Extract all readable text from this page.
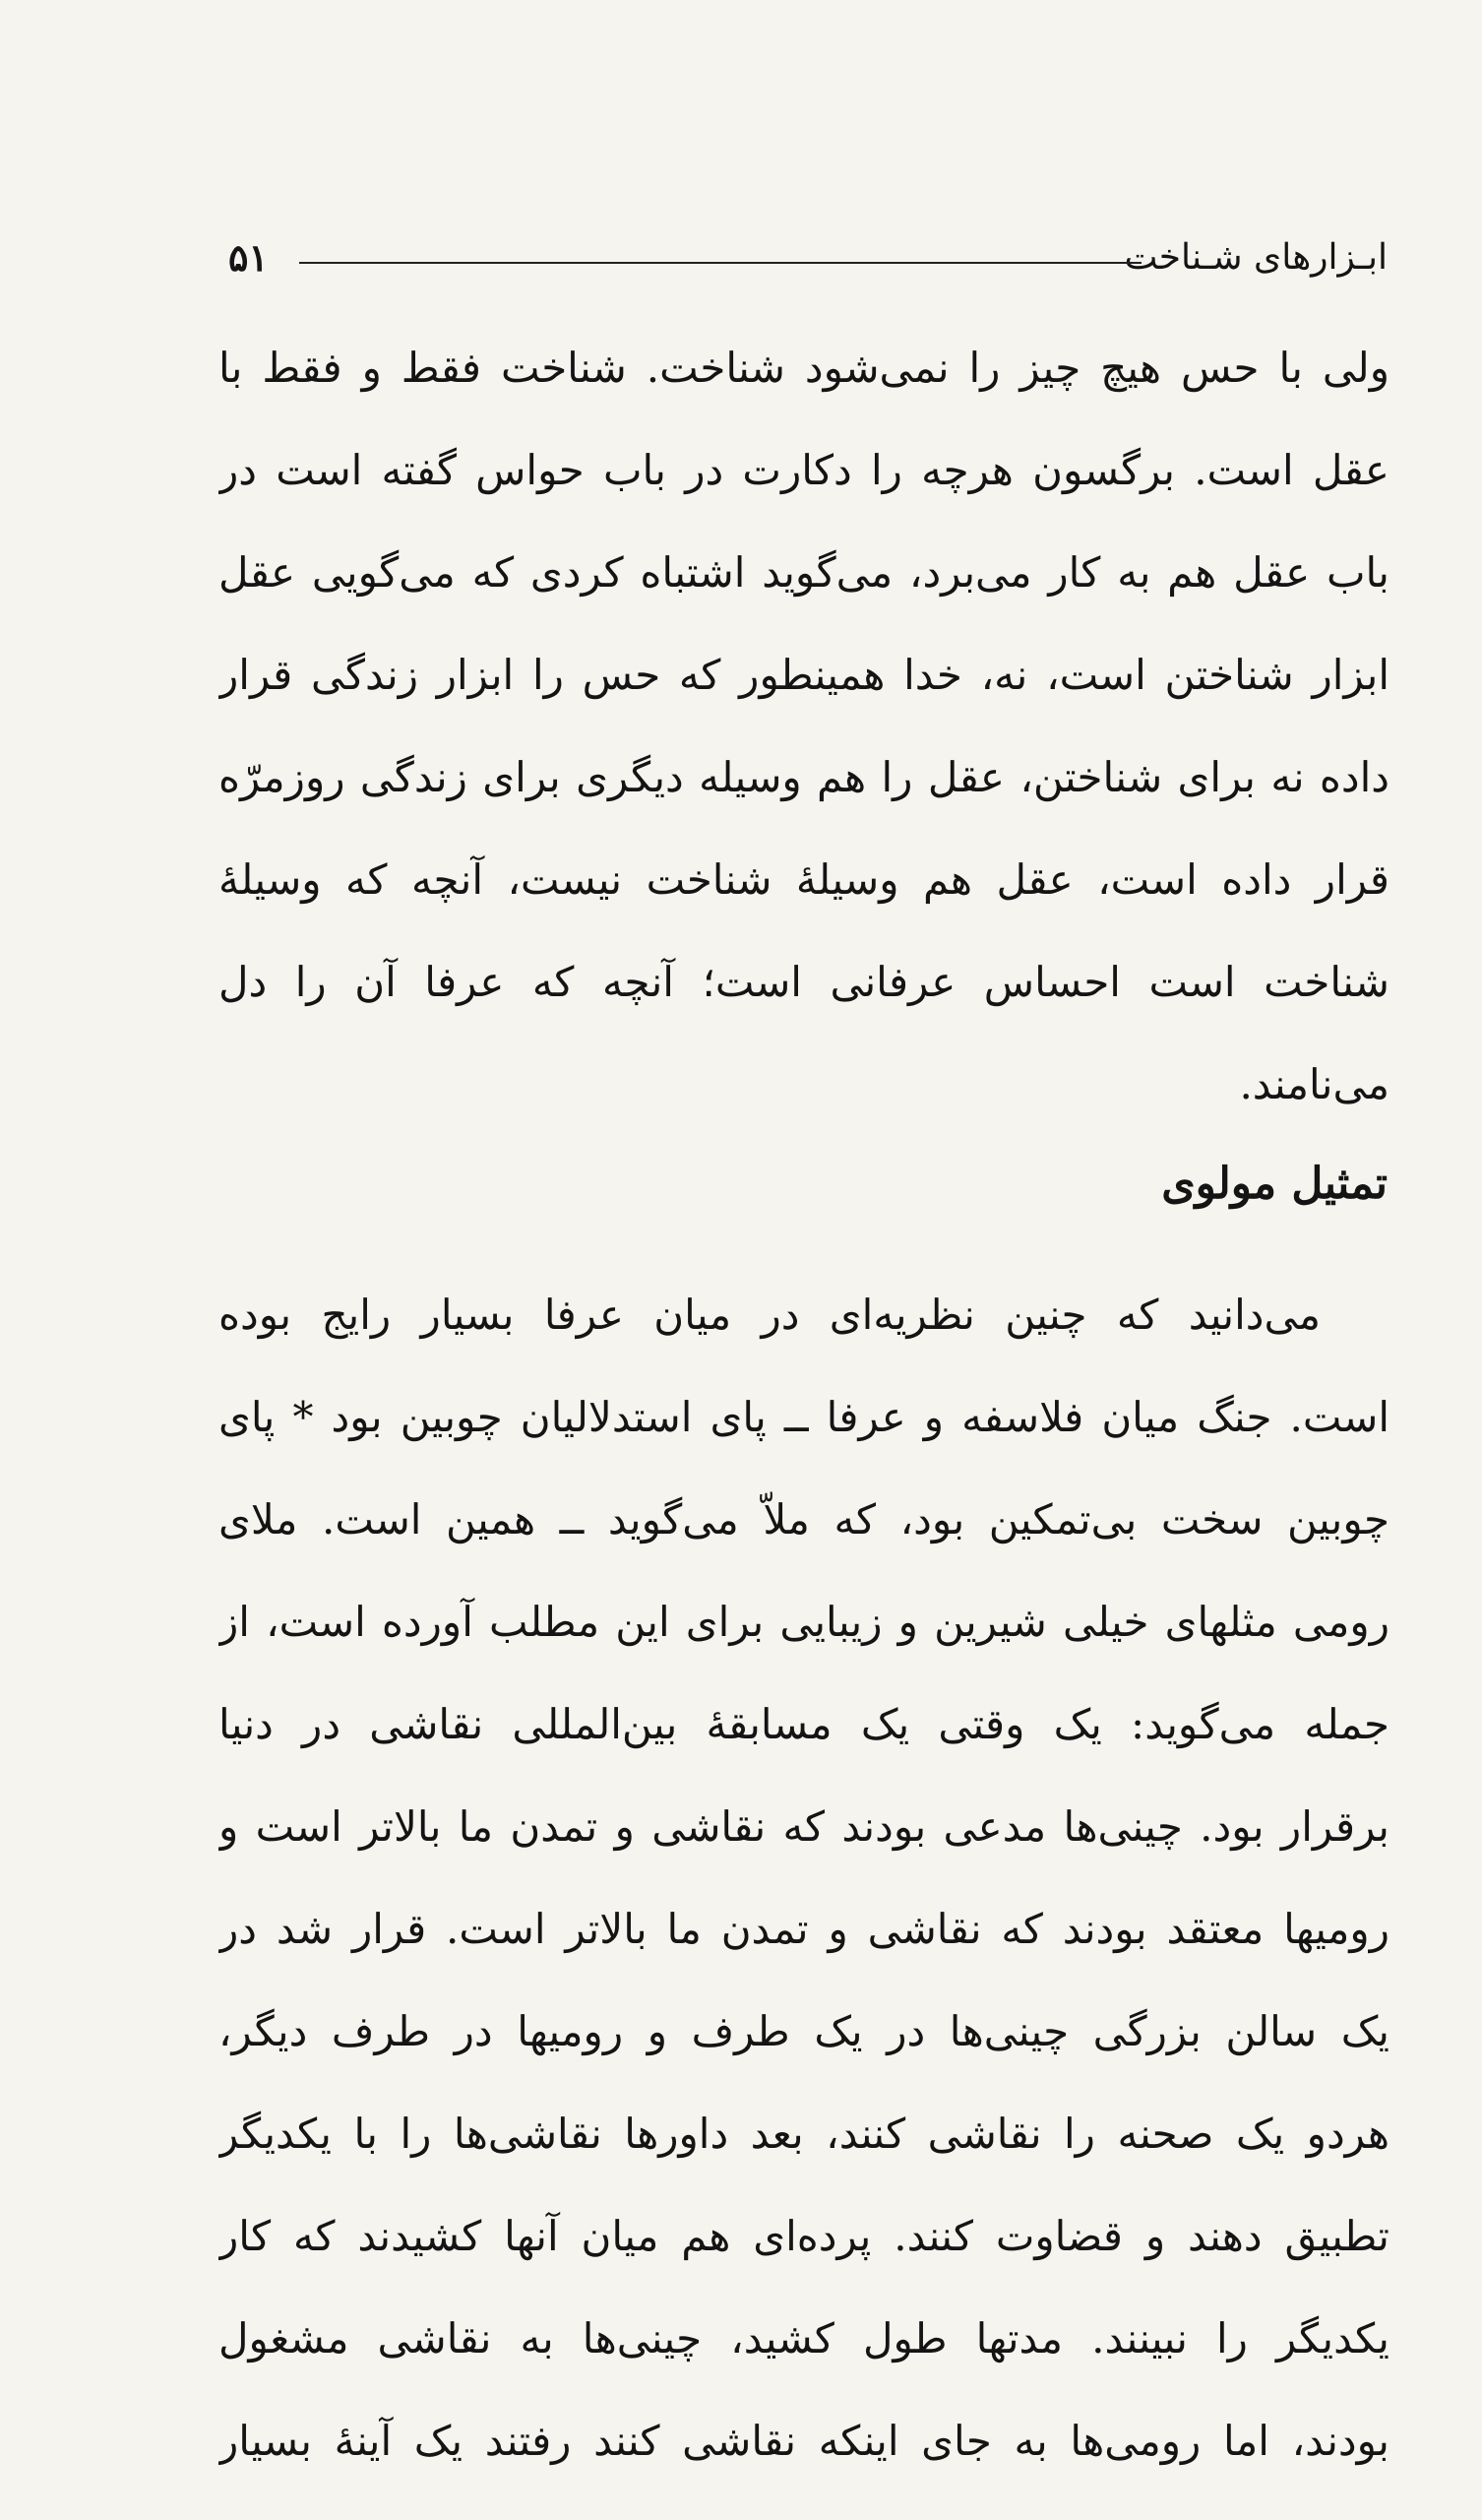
ابـزارهای شـناخت
۵۱
ولی با حس هیچ چیز را نمی‌شود شناخت. شناخت فقط و فقط با
عقل است. برگسون هرچه را دکارت در باب حواس گفته است در
باب عقل هم به کار می‌برد، می‌گوید اشتباه کردی که می‌گویی عقل
ابزار شناختن است، نه، خدا همینطور که حس را ابزار زندگی قرار
داده نه برای شناختن، عقل را هم وسیله دیگری برای زندگی روزمرّه
قرار داده است، عقل هم وسیلهٔ شناخت نیست، آنچه که وسیلهٔ
شناخت است احساس عرفانی است؛ آنچه که عرفا آن را دل
می‌نامند.
تمثیل مولوی
می‌دانید که چنین نظریه‌ای در میان عرفا بسیار رایج بوده
است. جنگ میان فلاسفه و عرفا ــ پای استدلالیان چوبین بود * پای
چوبین سخت بی‌تمکین بود، که ملاّ می‌گوید ــ همین است. ملای
رومی مثلهای خیلی شیرین و زیبایی برای این مطلب آورده است، از
جمله می‌گوید: یک وقتی یک مسابقهٔ بین‌المللی نقاشی در دنیا
برقرار بود. چینی‌ها مدعی بودند که نقاشی و تمدن ما بالاتر است و
رومیها معتقد بودند که نقاشی و تمدن ما بالاتر است. قرار شد در
یک سالن بزرگی چینی‌ها در یک طرف و رومیها در طرف دیگر،
هردو یک صحنه را نقاشی کنند، بعد داورها نقاشی‌ها را با یکدیگر
تطبیق دهند و قضاوت کنند. پرده‌ای هم میان آنها کشیدند که کار
یکدیگر را نبینند. مدتها طول کشید، چینی‌ها به نقاشی مشغول
بودند، اما رومی‌ها به جای اینکه نقاشی کنند رفتند یک آینهٔ بسیار
